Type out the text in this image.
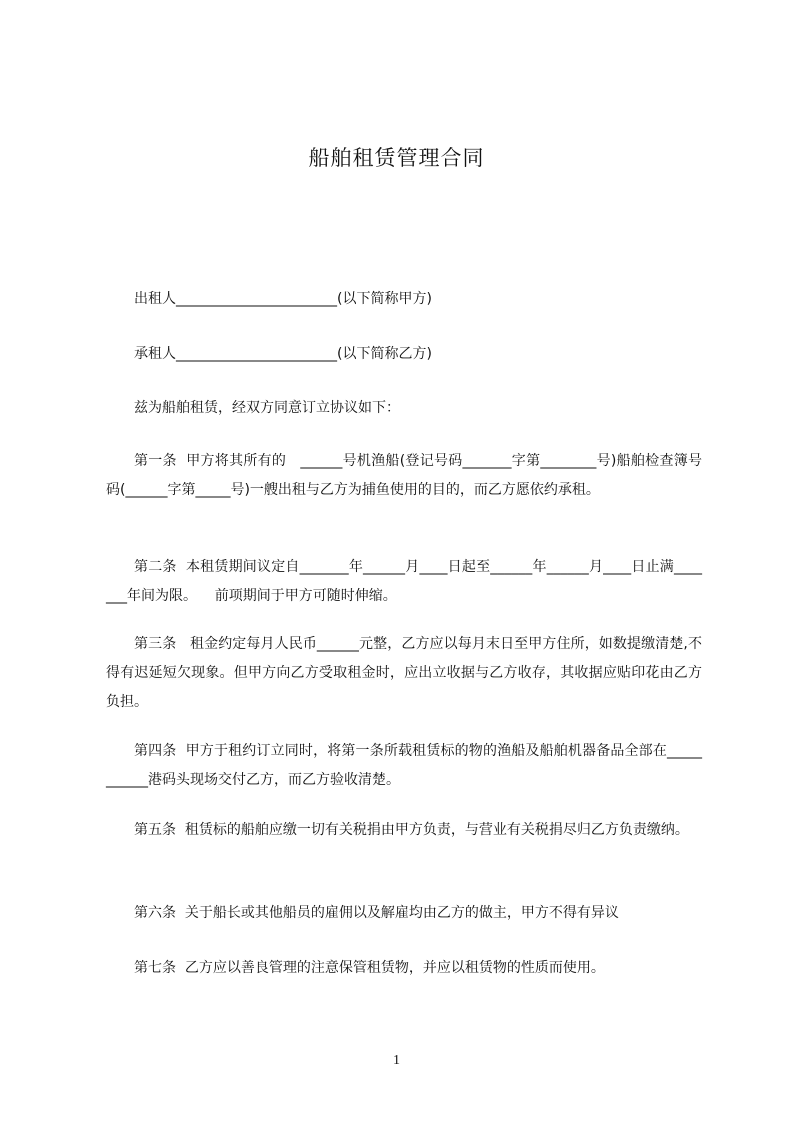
船舶租赁管理合同

出租人_______________________(以下简称甲方)

承租人_______________________(以下简称乙方)

兹为船舶租赁，经双方同意订立协议如下：

第一条  甲方将其所有的   ______号机渔船(登记号码_______字第________号)船舶检查簿号码(______字第_____号)一艘出租与乙方为捕鱼使用的目的，而乙方愿依约承租。

第二条  本租赁期间议定自_______年______月____日起至______年______月____日止满_______年间为限。    前项期间于甲方可随时伸缩。

第三条   租金约定每月人民币______元整，乙方应以每月末日至甲方住所，如数提缴清楚,不得有迟延短欠现象。但甲方向乙方受取租金时，应出立收据与乙方收存，其收据应贴印花由乙方负担。

第四条  甲方于租约订立同时，将第一条所载租赁标的物的渔船及船舶机器备品全部在___________港码头现场交付乙方，而乙方验收清楚。

第五条  租赁标的船舶应缴一切有关税捐由甲方负责，与营业有关税捐尽归乙方负责缴纳。

第六条  关于船长或其他船员的雇佣以及解雇均由乙方的做主，甲方不得有异议

第七条  乙方应以善良管理的注意保管租赁物，并应以租赁物的性质而使用。

1
